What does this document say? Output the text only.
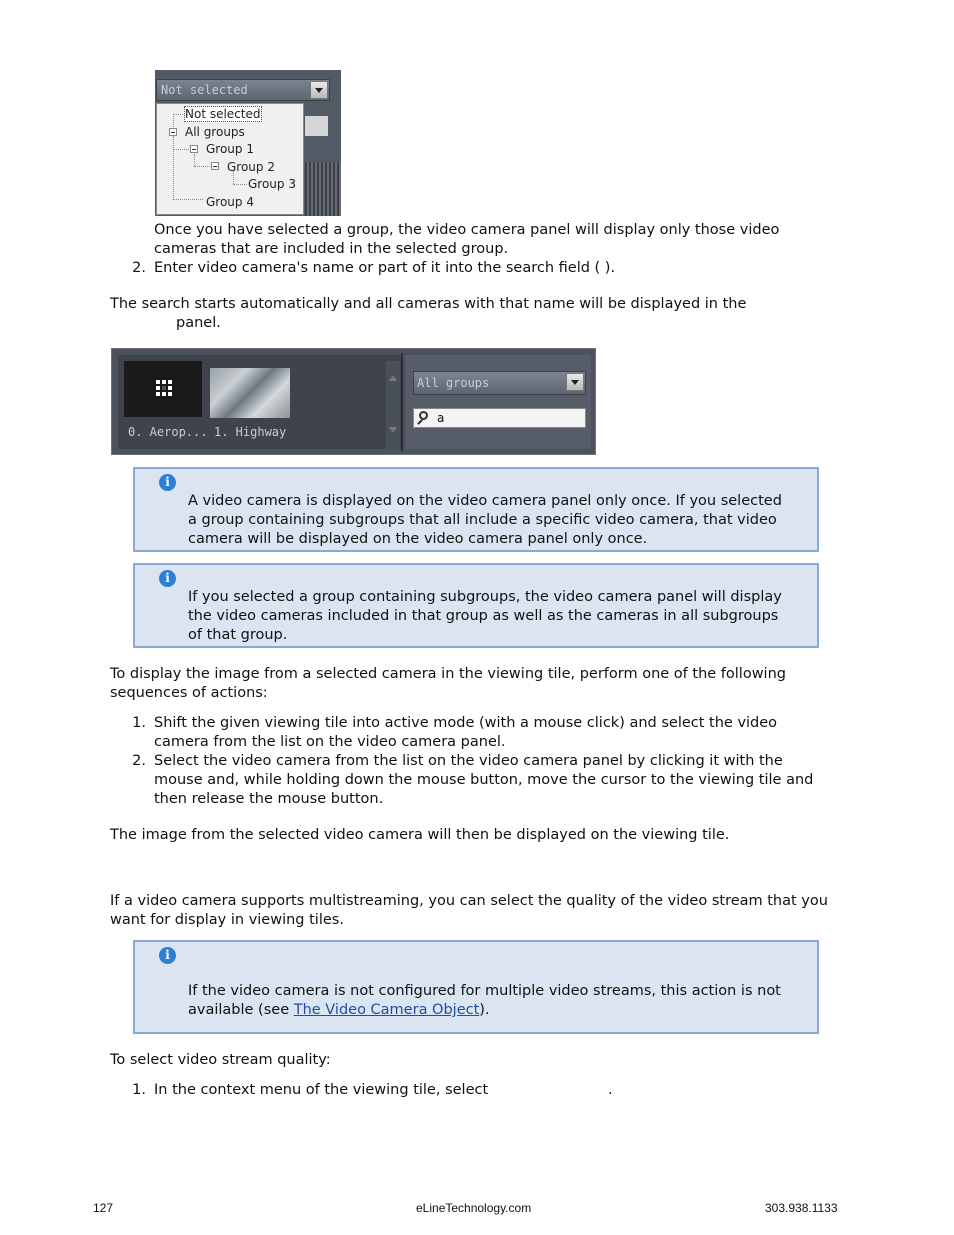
Not selected
Not selected
All groups
Group 1
Group 2
Group 3
Group 4

Once you have selected a group, the video camera panel will display only those video

cameras that are included in the selected group.

2. Enter video camera's name or part of it into the search field ( ).

The search starts automatically and all cameras with that name will be displayed in the

panel.

0. Aerop... 1. Highway
All groups
a
i
A video camera is displayed on the video camera panel only once. If you selected
a group containing subgroups that all include a specific video camera, that video
camera will be displayed on the video camera panel only once.
i
If you selected a group containing subgroups, the video camera panel will display
the video cameras included in that group as well as the cameras in all subgroups
of that group.

To display the image from a selected camera in the viewing tile, perform one of the following

sequences of actions:

1. Shift the given viewing tile into active mode (with a mouse click) and select the video
camera from the list on the video camera panel.
2. Select the video camera from the list on the video camera panel by clicking it with the
mouse and, while holding down the mouse button, move the cursor to the viewing tile and
then release the mouse button.

The image from the selected video camera will then be displayed on the viewing tile.

If a video camera supports multistreaming, you can select the quality of the video stream that you

want for display in viewing tiles.

i
If the video camera is not configured for multiple video streams, this action is not
available (see The Video Camera Object).

To select video stream quality:

1. In the context menu of the viewing tile, select	.
127	eLineTechnology.com	303.938.1133
